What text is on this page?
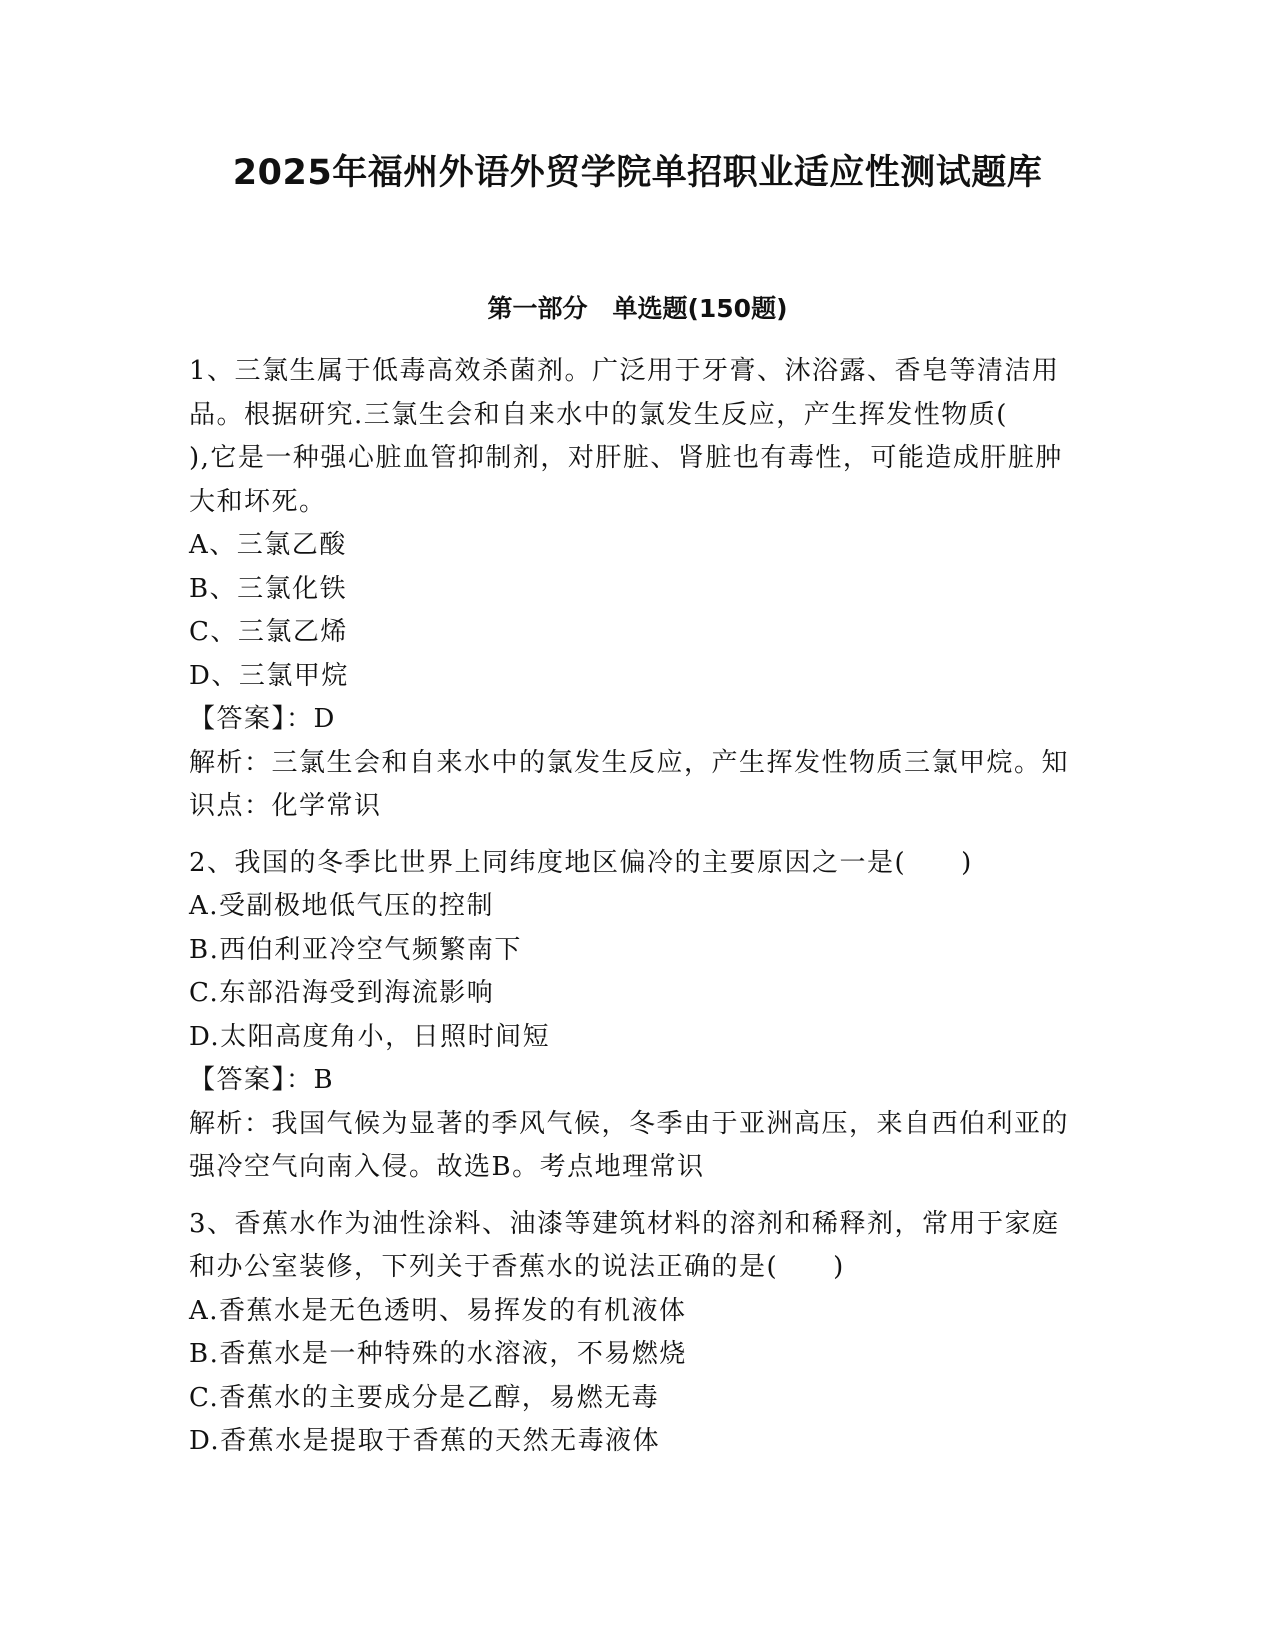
2025年福州外语外贸学院单招职业适应性测试题库
第一部分　单选题(150题)

1、三氯生属于低毒高效杀菌剂。广泛用于牙膏、沐浴露、香皂等清洁用品。根据研究.三氯生会和自来水中的氯发生反应，产生挥发性物质(　　),它是一种强心脏血管抑制剂，对肝脏、肾脏也有毒性，可能造成肝脏肿大和坏死。

A、三氯乙酸

B、三氯化铁

C、三氯乙烯

D、三氯甲烷

【答案】：D

解析：三氯生会和自来水中的氯发生反应，产生挥发性物质三氯甲烷。知识点：化学常识

2、我国的冬季比世界上同纬度地区偏冷的主要原因之一是(　　)

A.受副极地低气压的控制

B.西伯利亚冷空气频繁南下

C.东部沿海受到海流影响

D.太阳高度角小，日照时间短

【答案】：B

解析：我国气候为显著的季风气候，冬季由于亚洲高压，来自西伯利亚的强冷空气向南入侵。故选B。考点地理常识

3、香蕉水作为油性涂料、油漆等建筑材料的溶剂和稀释剂，常用于家庭和办公室装修，下列关于香蕉水的说法正确的是(　　)

A.香蕉水是无色透明、易挥发的有机液体

B.香蕉水是一种特殊的水溶液，不易燃烧

C.香蕉水的主要成分是乙醇，易燃无毒

D.香蕉水是提取于香蕉的天然无毒液体
